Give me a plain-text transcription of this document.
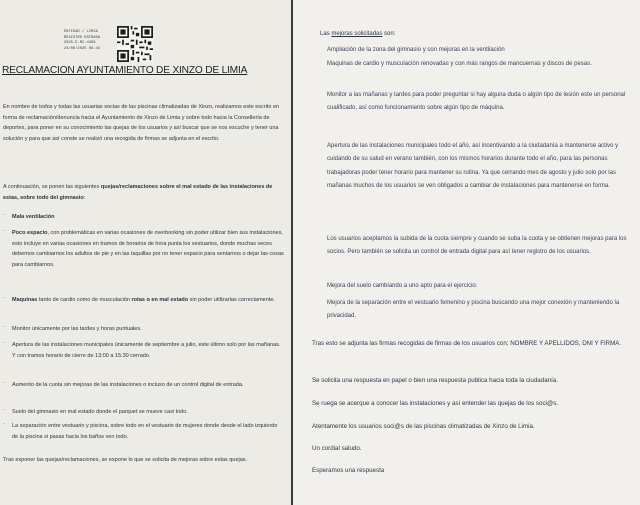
ENTIDAD / LIMIA
REXISTRO ENTRADA
2025-E-RC-4369
24/06/2025 09:44
RECLAMACION AYUNTAMIENTO DE XINZO DE LIMIA
En nombre de todos y todas las usuarias socias de las piscinas climatizadas de Xinzo, realizamos este escrito en forma de reclamación/denuncia hacia el Ayuntamiento de Xinzo de Limia y sobre todo hacia la Consellería de deportes, para poner en su conocimiento las quejas de los usuarios y así buscar que se nos escuche y tener una solución y para que así conste se realizó una recogida de firmas se adjunta en el escrito.
A continuación, se ponen las siguientes quejas/reclamaciones sobre el mal estado de las instalaciones de estas, sobre todo del gimnasio:
-	Mala ventilación
-	Poco espacio, con problemáticas en varias ocasiones de overbooking sin poder utilizar bien sus instalaciones, esto incluye en varias ocasiones en tramos de horarios de hora punta los vestuarios, donde muchas veces debemos cambiarnos los adultos de pie y en las taquillas por no tener espacio para sentarnos o dejar las cosas para cambiarnos.
-	Maquinas tanto de cardio como de musculación rotas o en mal estado sin poder utilizarlas correctamente.
-	Monitor únicamente por las tardes y horas puntuales.
-	Apertura de las instalaciones municipales únicamente de septiembre a julio, este último solo por las mañanas. Y con tramos horario de cierre de 13:00 a 15:30 cerrado.
-	Aumento de la cuota sin mejoras de las instalaciones o incluso de un control digital de entrada.
-	Suelo del gimnasio en mal estado donde el parquet se mueve casi todo.
-	La separación entre vestuario y piscina, sobre todo en el vestuario de mujeres donde desde el lado izquierdo de la piscina si pasas hacia los baños ven todo.
Tras exponer las quejas/reclamaciones, se expone lo que se solicita de mejoras sobre estas quejas.
Las mejoras solicitadas son:
Ampliación de la zona del gimnasio y con mejoras en la ventilación
Maquinas de cardio y musculación renovadas y con más rangos de mancuernas y discos de pesas.
Monitor a las mañanas y tardes para poder preguntar si hay alguna duda o algún tipo de lesión este un personal cualificado, así como funcionamiento sobre algún tipo de máquina.
Apertura de las instalaciones municipales todo el año, así incentivando a la ciudadanía a mantenerse activo y cuidando de su salud en verano también, con los mismos horarios durante todo el año, para las personas trabajadoras poder tener horario para mantener su rutina. Ya que cerrando mes de agosto y julio solo por las mañanas muchos de los usuarios se ven obligados a cambiar de instalaciones para mantenerse en forma.
Los usuarios aceptamos la subida de la cuota siempre y cuando se suba la cuota y se obtienen mejoras para los socios. Pero también se solicita un control de entrada digital para así tener registro de los usuarios.
Mejora del suelo cambiando a uno apto para el ejercicio.
Mejora de la separación entre el vestuario femenino y piscina buscando una mejor conexión y manteniendo la privacidad.
Tras esto se adjunta las firmas recogidas de firmas de los usuarios con; NOMBRE Y APELLIDOS, DNI Y FIRMA.
Se solicita una respuesta en papel o bien una respuesta publica hacia toda la ciudadanía.
Se ruega se acerque a conocer las instalaciones y así entender las quejas de los soci@s.
Atentamente los usuarios soci@s de las piscinas climatizadas de Xinzo de Limia.
Un cordial saludo.
Esperamos una respuesta
